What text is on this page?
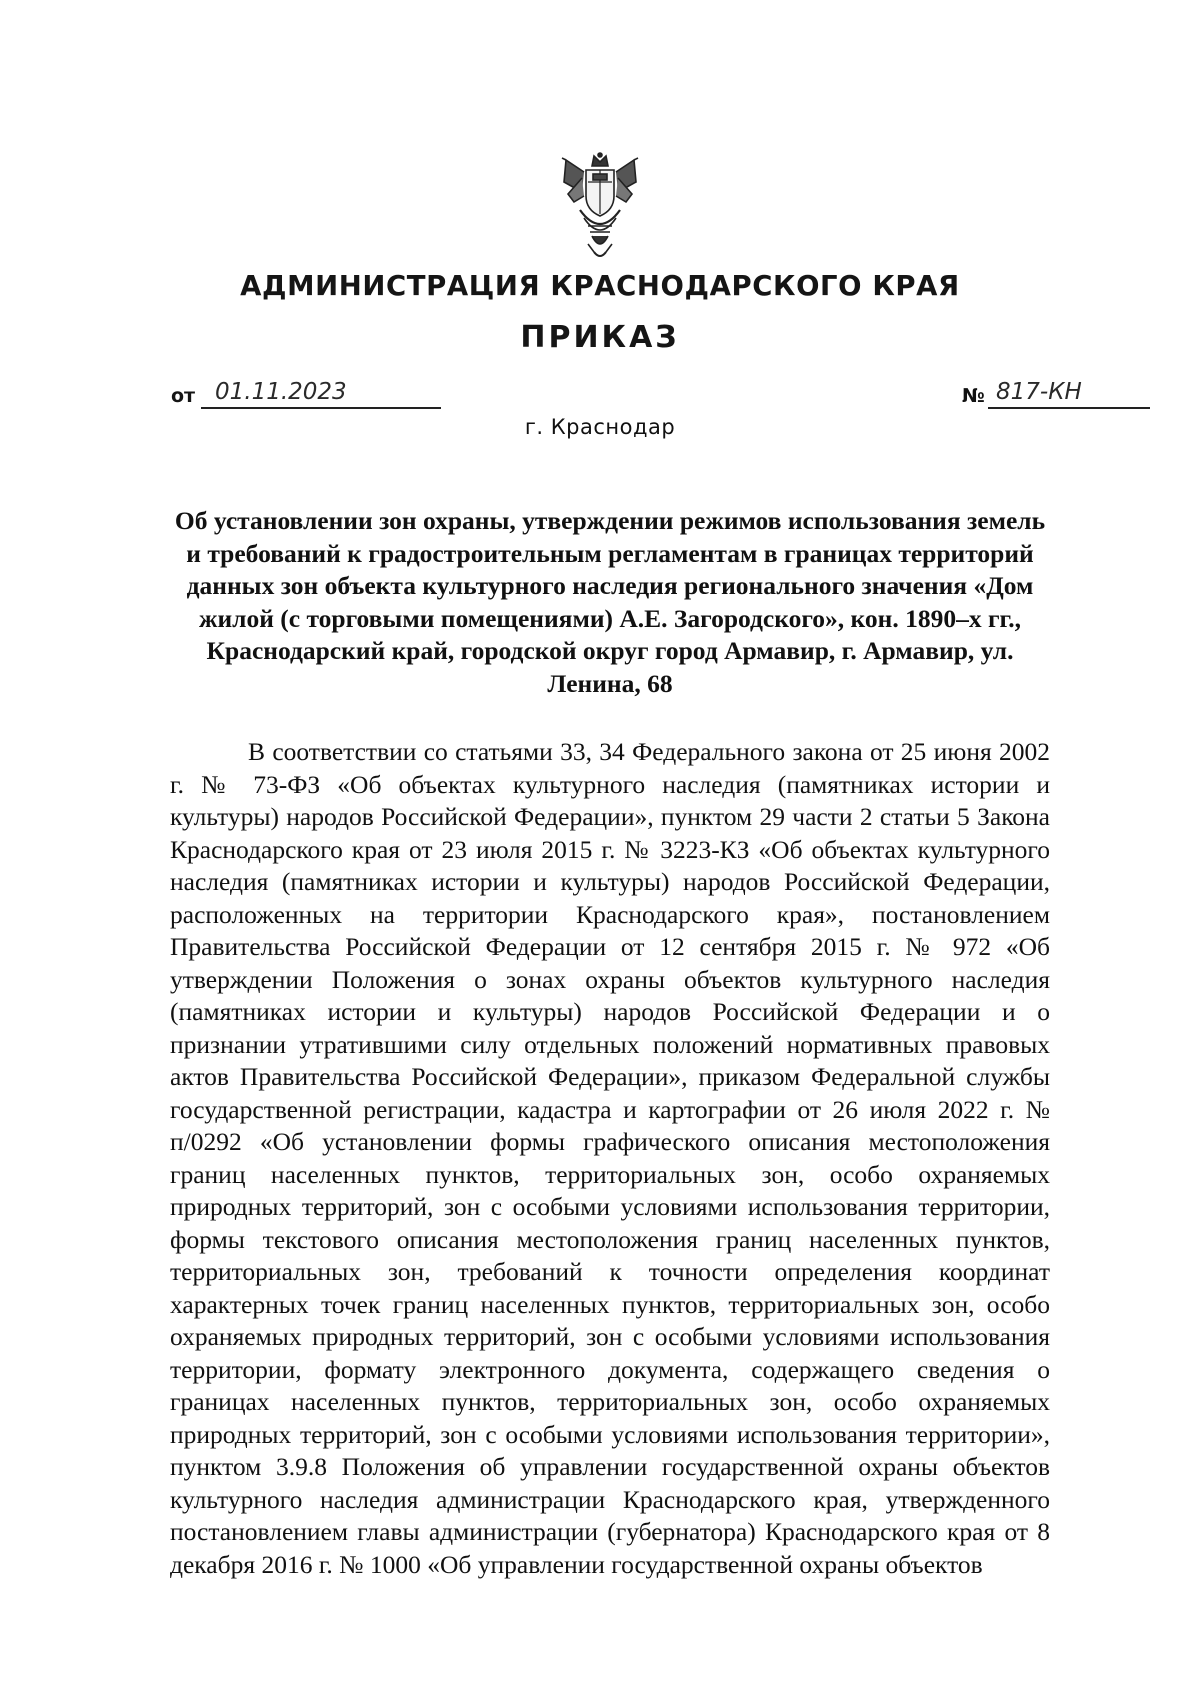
АДМИНИСТРАЦИЯ КРАСНОДАРСКОГО КРАЯ
ПРИКАЗ
от 01.11.2023	№ 817-КН
г. Краснодар
Об установлении зон охраны, утверждении режимов использования земель и требований к градостроительным регламентам в границах территорий данных зон объекта культурного наследия регионального значения «Дом жилой (с торговыми помещениями) А.Е. Загородского», кон. 1890–х гг., Краснодарский край, городской округ город Армавир, г. Армавир, ул. Ленина, 68

В соответствии со статьями 33, 34 Федерального закона от 25 июня 2002 г. № 73-ФЗ «Об объектах культурного наследия (памятниках истории и культуры) народов Российской Федерации», пунктом 29 части 2 статьи 5 Закона Краснодарского края от 23 июля 2015 г. № 3223-КЗ «Об объектах культурного наследия (памятниках истории и культуры) народов Российской Федерации, расположенных на территории Краснодарского края», постановлением Правительства Российской Федерации от 12 сентября 2015 г. № 972 «Об утверждении Положения о зонах охраны объектов культурного наследия (памятниках истории и культуры) народов Российской Федерации и о признании утратившими силу отдельных положений нормативных правовых актов Правительства Российской Федерации», приказом Федеральной службы государственной регистрации, кадастра и картографии от 26 июля 2022 г. № п/0292 «Об установлении формы графического описания местоположения границ населенных пунктов, территориальных зон, особо охраняемых природных территорий, зон с особыми условиями использования территории, формы текстового описания местоположения границ населенных пунктов, территориальных зон, требований к точности определения координат характерных точек границ населенных пунктов, территориальных зон, особо охраняемых природных территорий, зон с особыми условиями использования территории, формату электронного документа, содержащего сведения о границах населенных пунктов, территориальных зон, особо охраняемых природных территорий, зон с особыми условиями использования территории», пунктом 3.9.8 Положения об управлении государственной охраны объектов культурного наследия администрации Краснодарского края, утвержденного постановлением главы администрации (губернатора) Краснодарского края от 8 декабря 2016 г. № 1000 «Об управлении государственной охраны объектов
